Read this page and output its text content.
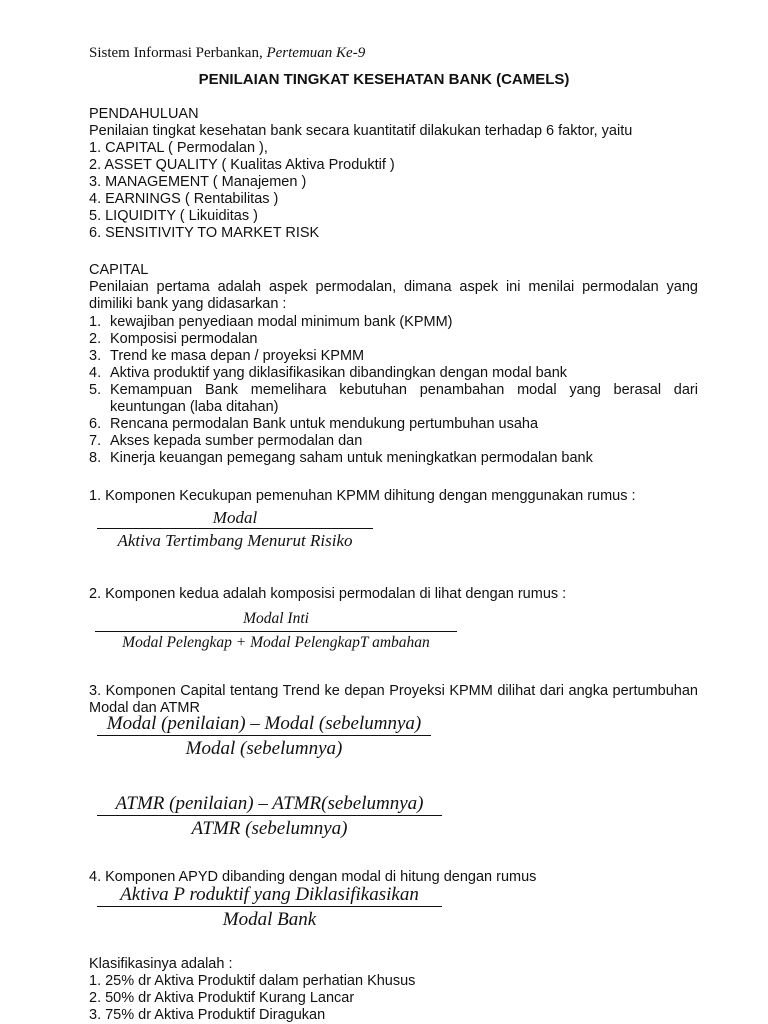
Sistem Informasi Perbankan, Pertemuan Ke-9
PENILAIAN TINGKAT KESEHATAN BANK (CAMELS)
PENDAHULUAN
Penilaian tingkat kesehatan bank secara kuantitatif dilakukan terhadap 6 faktor, yaitu
1. CAPITAL ( Permodalan ),
2. ASSET QUALITY ( Kualitas Aktiva Produktif )
3. MANAGEMENT ( Manajemen )
4. EARNINGS ( Rentabilitas )
5. LIQUIDITY ( Likuiditas )
6. SENSITIVITY TO MARKET RISK
CAPITAL
Penilaian pertama adalah aspek permodalan, dimana aspek ini menilai permodalan yang dimiliki bank yang didasarkan :
1. kewajiban penyediaan modal minimum bank (KPMM)
2. Komposisi permodalan
3. Trend ke masa depan / proyeksi KPMM
4. Aktiva produktif yang diklasifikasikan dibandingkan dengan modal bank
5. Kemampuan Bank memelihara kebutuhan penambahan modal yang berasal dari keuntungan (laba ditahan)
6. Rencana permodalan Bank untuk mendukung pertumbuhan usaha
7. Akses kepada sumber permodalan dan
8. Kinerja keuangan pemegang saham untuk meningkatkan permodalan bank
1. Komponen Kecukupan pemenuhan KPMM dihitung dengan menggunakan rumus :
Modal
Aktiva Tertimbang Menurut Risiko
2. Komponen kedua adalah komposisi permodalan di lihat dengan rumus :
Modal Inti
Modal Pelengkap + Modal PelengkapT ambahan
3. Komponen Capital tentang Trend ke depan Proyeksi KPMM dilihat dari angka pertumbuhan Modal dan ATMR
Modal (penilaian) – Modal (sebelumnya)
Modal (sebelumnya)
ATMR (penilaian) – ATMR(sebelumnya)
ATMR (sebelumnya)
4. Komponen APYD dibanding dengan modal di hitung dengan rumus
Aktiva P roduktif yang Diklasifikasikan
Modal Bank
Klasifikasinya adalah :
1. 25% dr Aktiva Produktif dalam perhatian Khusus
2. 50% dr Aktiva Produktif Kurang Lancar
3. 75% dr Aktiva Produktif Diragukan
